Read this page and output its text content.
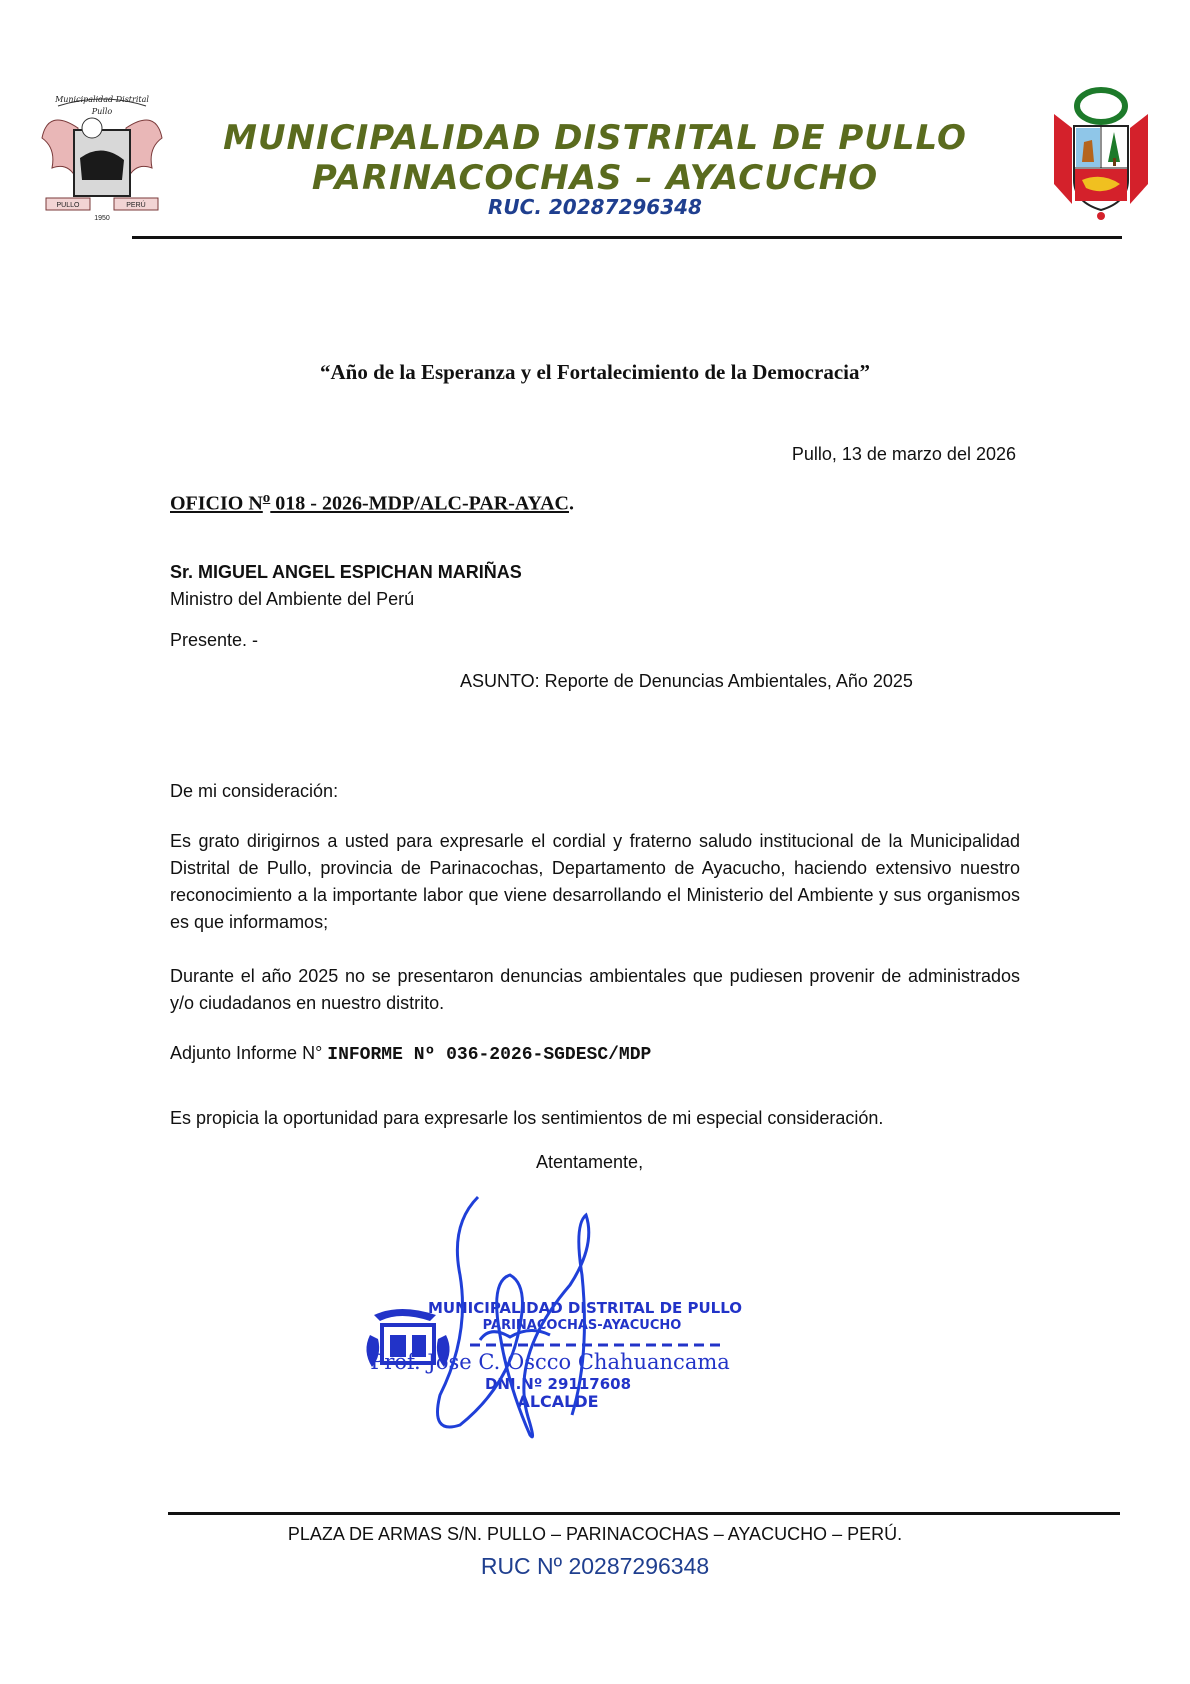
Municipalidad Distrital
Pullo
PULLO	PERÚ
1950
MUNICIPALIDAD DISTRITAL DE PULLO
PARINACOCHAS – AYACUCHO
RUC. 20287296348
“Año de la Esperanza y el Fortalecimiento de la Democracia”
Pullo, 13 de marzo del 2026
OFICIO $N^o$ 018 - 2026-MDP/ALC-PAR-AYAC.
Sr. MIGUEL ANGEL ESPICHAN MARIÑAS
Ministro del Ambiente del Perú
Presente. -
ASUNTO: Reporte de Denuncias Ambientales, Año 2025
De mi consideración:
Es grato dirigirnos a usted para expresarle el cordial y fraterno saludo institucional de la Municipalidad Distrital de Pullo, provincia de Parinacochas, Departamento de Ayacucho, haciendo extensivo nuestro reconocimiento a la importante labor que viene desarrollando el Ministerio del Ambiente y sus organismos es que informamos;
Durante el año 2025 no se presentaron denuncias ambientales que pudiesen provenir de administrados y/o ciudadanos en nuestro distrito.
Adjunto Informe N° INFORME Nº 036-2026-SGDESC/MDP
Es propicia la oportunidad para expresarle los sentimientos de mi especial consideración.
Atentamente,
MUNICIPALIDAD DISTRITAL DE PULLO
PARINACOCHAS-AYACUCHO
Prof. Jose C. Oscco Chahuancama
DNI.Nº 29117608
ALCALDE
PLAZA DE ARMAS S/N. PULLO – PARINACOCHAS – AYACUCHO – PERÚ.
RUC Nº 20287296348
